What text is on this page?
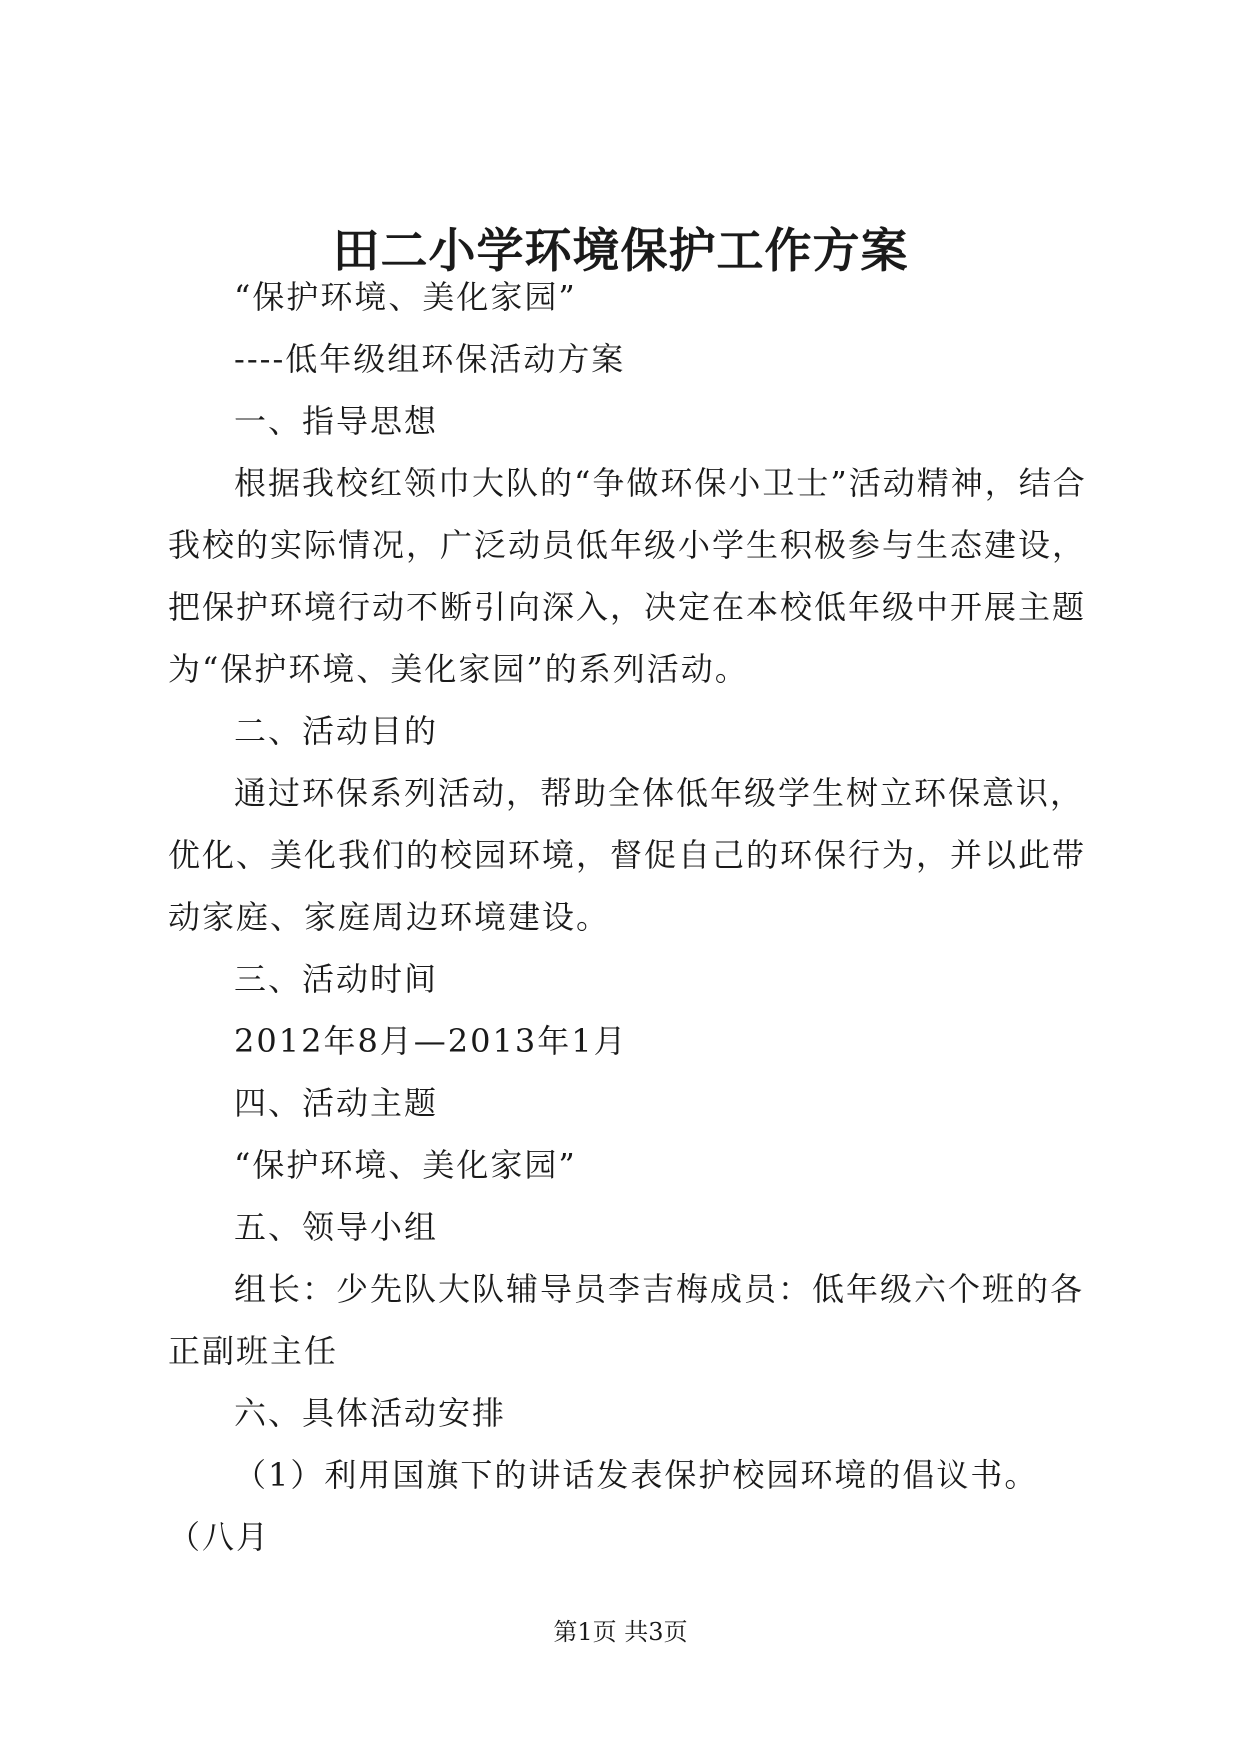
田二小学环境保护工作方案

“保护环境、美化家园”

----低年级组环保活动方案

一、指导思想

根据我校红领巾大队的“争做环保小卫士”活动精神，结合我校的实际情况，广泛动员低年级小学生积极参与生态建设，把保护环境行动不断引向深入，决定在本校低年级中开展主题为“保护环境、美化家园”的系列活动。

二、活动目的

通过环保系列活动，帮助全体低年级学生树立环保意识，优化、美化我们的校园环境，督促自己的环保行为，并以此带动家庭、家庭周边环境建设。

三、活动时间

2012年8月—2013年1月

四、活动主题

“保护环境、美化家园”

五、领导小组

组长：少先队大队辅导员李吉梅成员：低年级六个班的各正副班主任

六、具体活动安排

（1）利用国旗下的讲话发表保护校园环境的倡议书。（八月

第1页 共3页
